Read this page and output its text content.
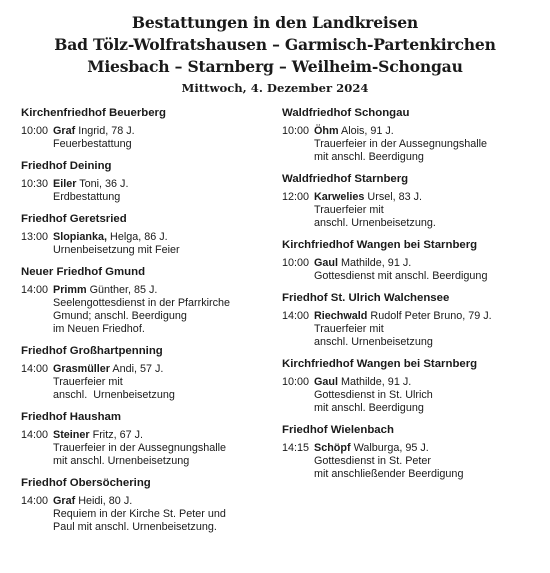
Bestattungen in den Landkreisen
Bad Tölz-Wolfratshausen – Garmisch-Partenkirchen
Miesbach – Starnberg – Weilheim-Schongau
Mittwoch, 4. Dezember 2024
Kirchenfriedhof Beuerberg
10:00 Graf Ingrid, 78 J.
Feuerbestattung
Friedhof Deining
10:30 Eiler Toni, 36 J.
Erdbestattung
Friedhof Geretsried
13:00 Slopianka, Helga, 86 J.
Urnenbeisetzung mit Feier
Neuer Friedhof Gmund
14:00 Primm Günther, 85 J.
Seelengottesdienst in der Pfarrkirche
Gmund; anschl. Beerdigung
im Neuen Friedhof.
Friedhof Großhartpenning
14:00 Grasmüller Andi, 57 J.
Trauerfeier mit
anschl.  Urnenbeisetzung
Friedhof Hausham
14:00 Steiner Fritz, 67 J.
Trauerfeier in der Aussegnungshalle
mit anschl. Urnenbeisetzung
Friedhof Obersöchering
14:00 Graf Heidi, 80 J.
Requiem in der Kirche St. Peter und
Paul mit anschl. Urnenbeisetzung.
Waldfriedhof Schongau
10:00 Öhm Alois, 91 J.
Trauerfeier in der Aussegnungshalle
mit anschl. Beerdigung
Waldfriedhof Starnberg
12:00 Karwelies Ursel, 83 J.
Trauerfeier mit
anschl. Urnenbeisetzung.
Kirchfriedhof Wangen bei Starnberg
10:00 Gaul Mathilde, 91 J.
Gottesdienst mit anschl. Beerdigung
Friedhof St. Ulrich Walchensee
14:00 Riechwald Rudolf Peter Bruno, 79 J.
Trauerfeier mit
anschl. Urnenbeisetzung
Kirchfriedhof Wangen bei Starnberg
10:00 Gaul Mathilde, 91 J.
Gottesdienst in St. Ulrich
mit anschl. Beerdigung
Friedhof Wielenbach
14:15 Schöpf Walburga, 95 J.
Gottesdienst in St. Peter
mit anschließender Beerdigung
